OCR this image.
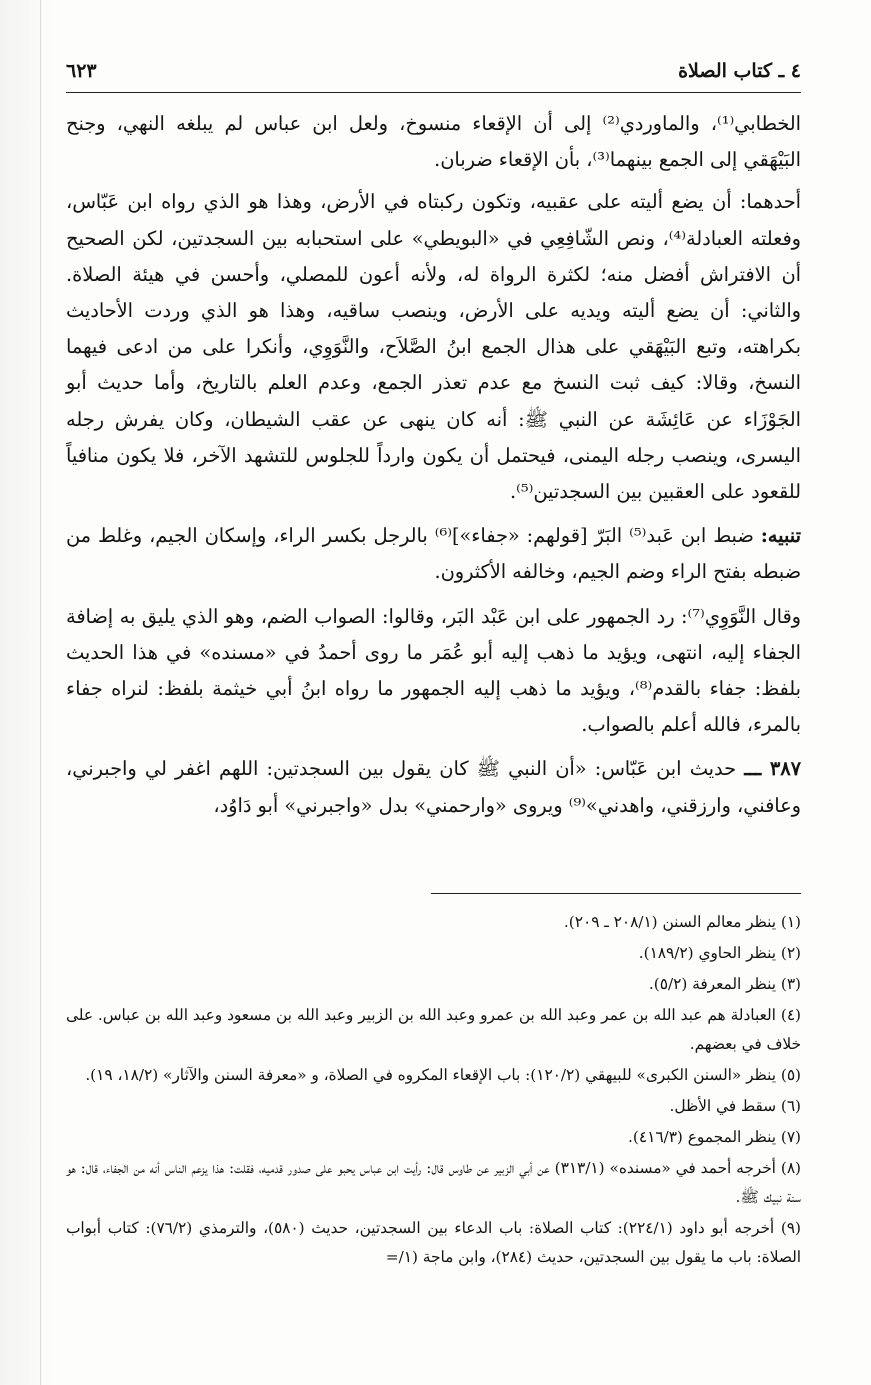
٤ ـ كتاب الصلاة
٦٢٣

الخطابي⁽¹⁾، والماوردي⁽²⁾ إلى أن الإقعاء منسوخ، ولعل ابن عباس لم يبلغه النهي، وجنح البَيْهَقي إلى الجمع بينهما⁽³⁾، بأن الإقعاء ضربان.

أحدهما: أن يضع أليته على عقبيه، وتكون ركبتاه في الأرض، وهذا هو الذي رواه ابن عَبّاس، وفعلته العبادلة⁽⁴⁾، ونص الشّافِعِي في «البويطي» على استحبابه بين السجدتين، لكن الصحيح أن الافتراش أفضل منه؛ لكثرة الرواة له، ولأنه أعون للمصلي، وأحسن في هيئة الصلاة. والثاني: أن يضع أليته ويديه على الأرض، وينصب ساقيه، وهذا هو الذي وردت الأحاديث بكراهته، وتبع البَيْهَقي على هذال الجمع ابنُ الصَّلاَح، والنَّوَوِي، وأنكرا على من ادعى فيهما النسخ، وقالا: كيف ثبت النسخ مع عدم تعذر الجمع، وعدم العلم بالتاريخ، وأما حديث أبو الجَوْزَاء عن عَائِشَة عن النبي ﷺ: أنه كان ينهى عن عقب الشيطان، وكان يفرش رجله اليسرى، وينصب رجله اليمنى، فيحتمل أن يكون وارداً للجلوس للتشهد الآخر، فلا يكون منافياً للقعود على العقبين بين السجدتين⁽⁵⁾.

تنبيه: ضبط ابن عَبد⁽⁵⁾ البَرّ [قولهم: «جفاء»]⁽⁶⁾ بالرجل بكسر الراء، وإسكان الجيم، وغلط من ضبطه بفتح الراء وضم الجيم، وخالفه الأكثرون.

وقال النَّوَوِي⁽⁷⁾: رد الجمهور على ابن عَبْد البَر، وقالوا: الصواب الضم، وهو الذي يليق به إضافة الجفاء إليه، انتهى، ويؤيد ما ذهب إليه أبو عُمَر ما روى أحمدُ في «مسنده» في هذا الحديث بلفظ: جفاء بالقدم⁽⁸⁾، ويؤيد ما ذهب إليه الجمهور ما رواه ابنُ أبي خيثمة بلفظ: لنراه جفاء بالمرء، فالله أعلم بالصواب.

٣٨٧ ـــ حديث ابن عَبّاس: «أن النبي ﷺ كان يقول بين السجدتين: اللهم اغفر لي واجبرني، وعافني، وارزقني، واهدني»⁽⁹⁾ ويروى «وارحمني» بدل «واجبرني» أبو دَاوُد،

(١) ينظر معالم السنن (٢٠٨/١ ـ ٢٠٩).
(٢) ينظر الحاوي (١٨٩/٢).
(٣) ينظر المعرفة (٥/٢).
(٤) العبادلة هم عبد الله بن عمر وعبد الله بن عمرو وعبد الله بن الزبير وعبد الله بن مسعود وعبد الله بن عباس. على خلاف في بعضهم.
(٥) ينظر «السنن الكبرى» للبيهقي (١٢٠/٢): باب الإقعاء المكروه في الصلاة، و «معرفة السنن والآثار» (١٨/٢، ١٩).
(٦) سقط في الأظل.
(٧) ينظر المجموع (٤١٦/٣).
(٨) أخرجه أحمد في «مسنده» (٣١٣/١) عن أبي الزبير عن طاوس قال: رأيت ابن عباس يحبو على صدور قدميه، فقلت: هذا يزعم الناس أنه من الجفاء، قال: هو سنة نبيك ﷺ.
(٩) أخرجه أبو داود (٢٢٤/١): كتاب الصلاة: باب الدعاء بين السجدتين، حديث (٥٨٠)، والترمذي (٧٦/٢): كتاب أبواب الصلاة: باب ما يقول بين السجدتين، حديث (٢٨٤)، وابن ماجة (١/=
